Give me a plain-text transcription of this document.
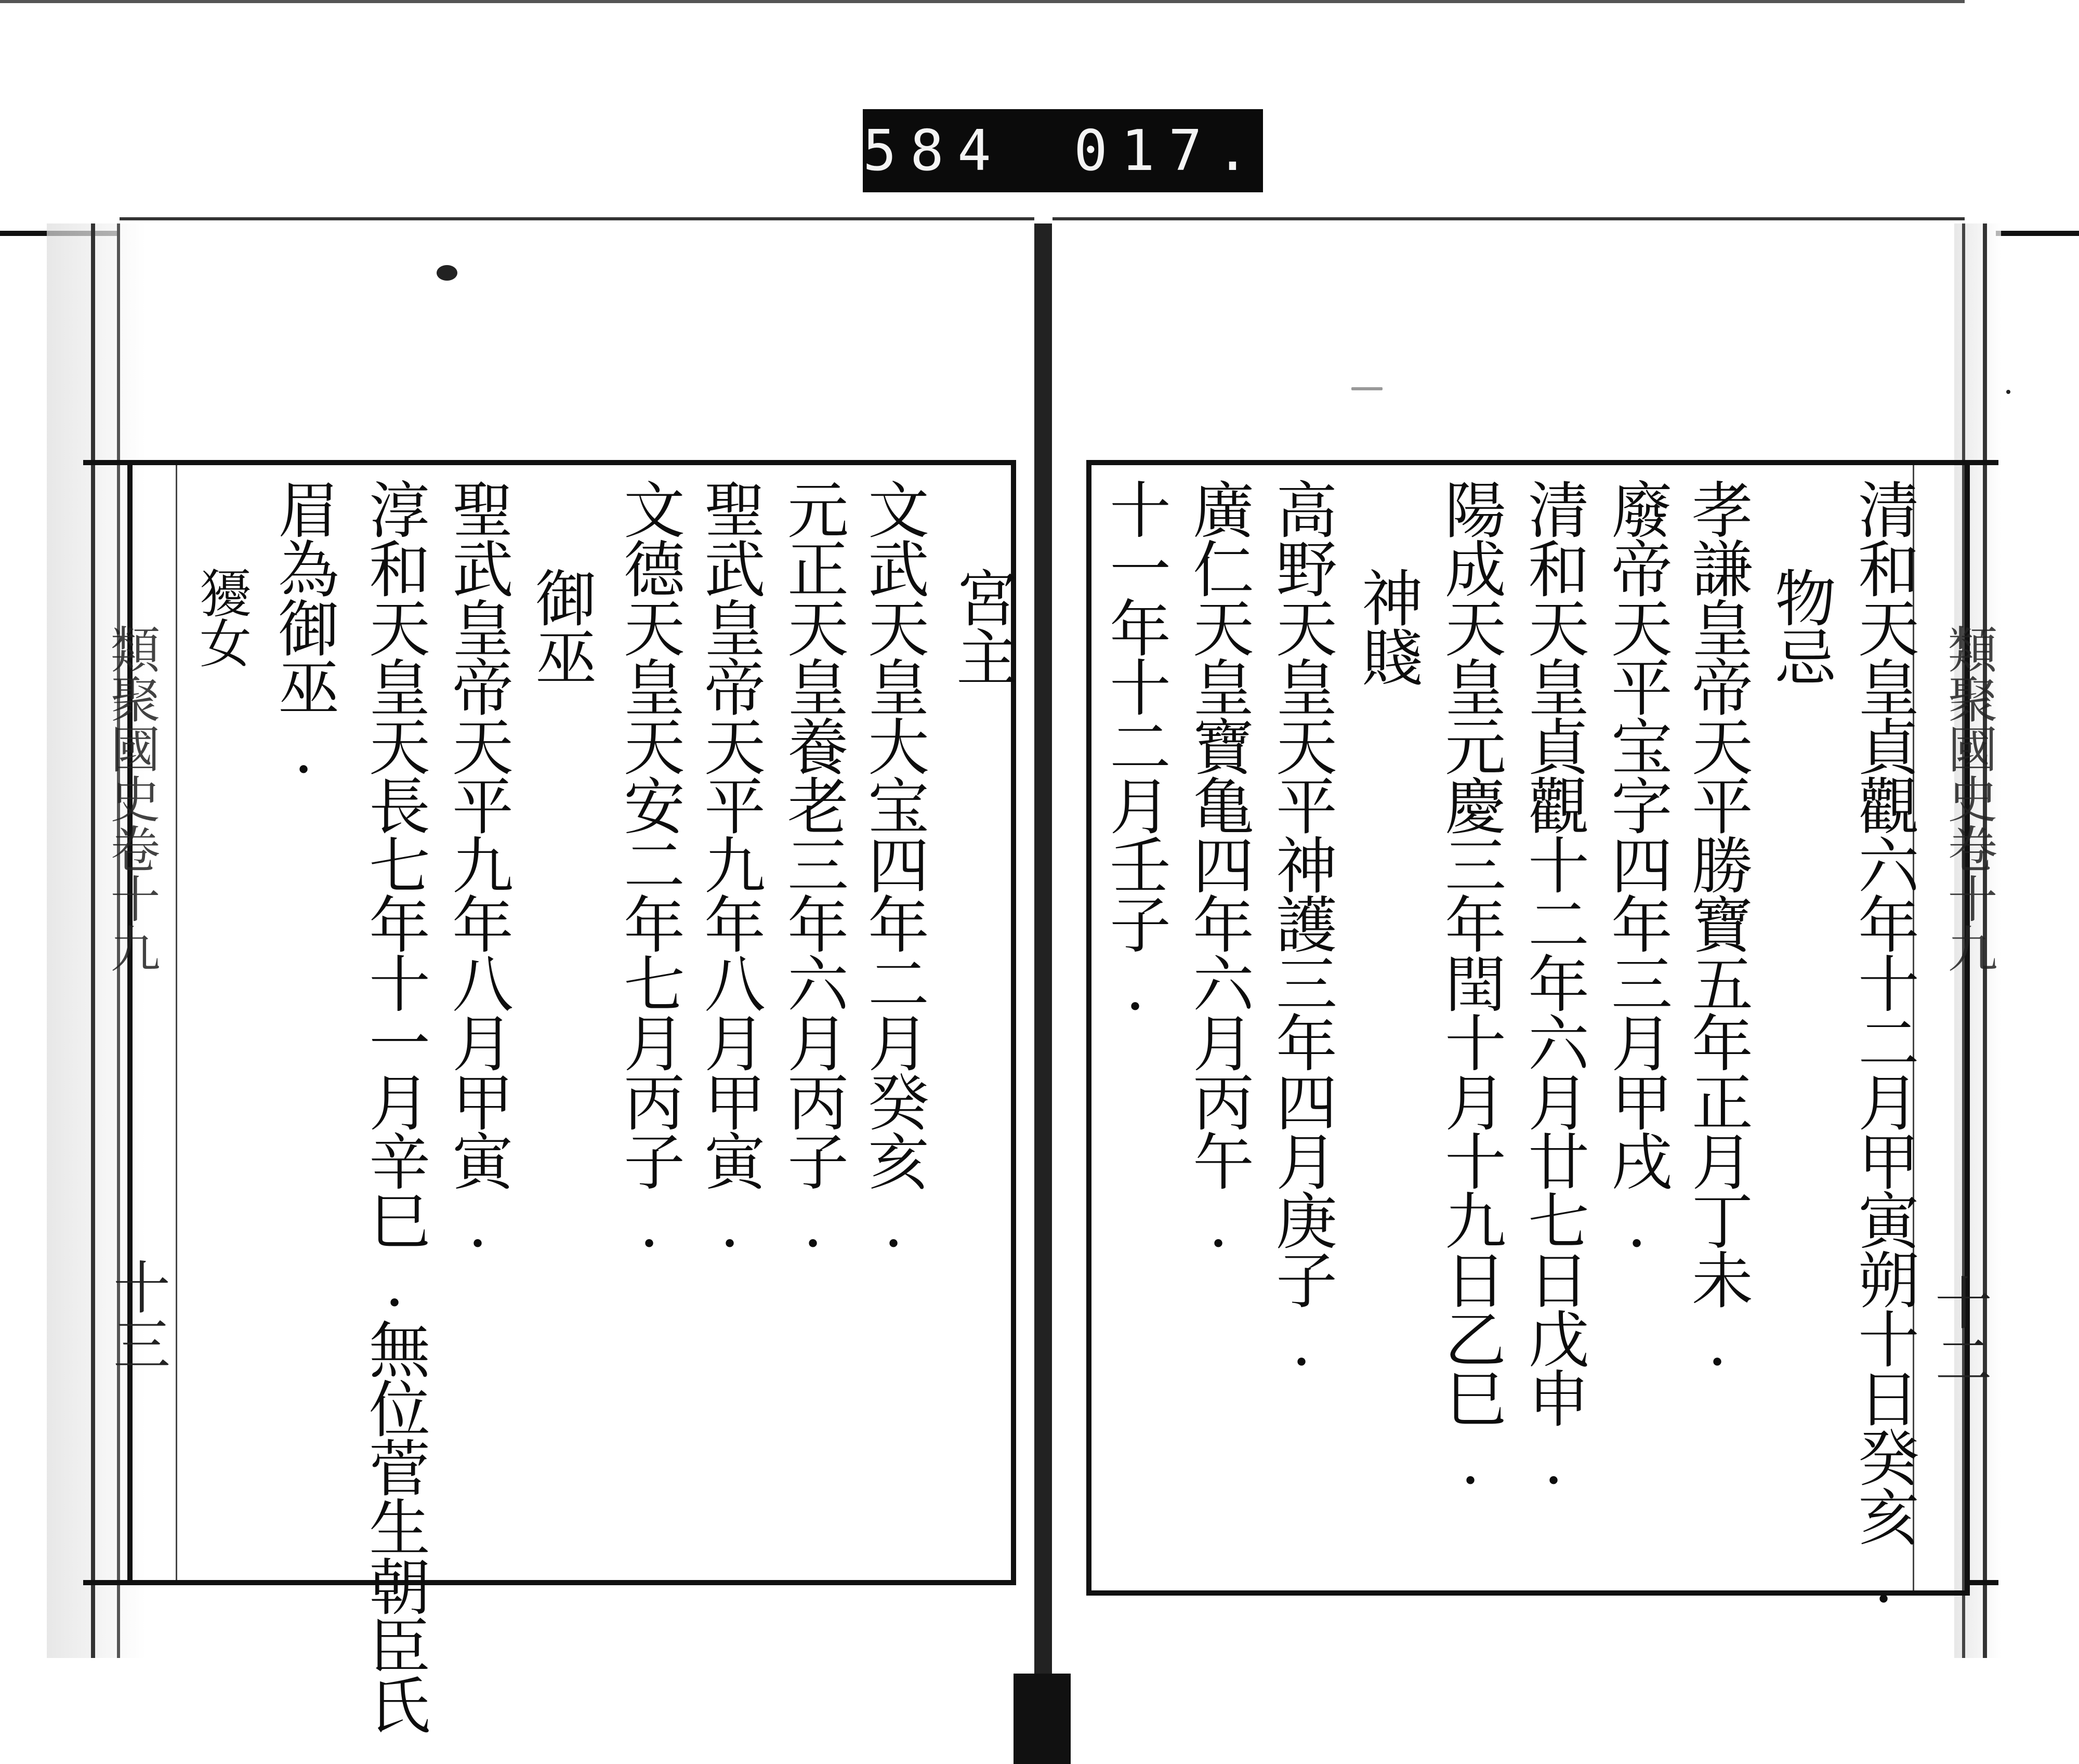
584 017.
類聚國史卷十九
十三
類聚國史卷十九
十二
宮主
文武天皇大宝四年二月癸亥.
元正天皇養老三年六月丙子.
聖武皇帝天平九年八月甲寅.
文德天皇天安二年七月丙子.
御巫
聖武皇帝天平九年八月甲寅.
淳和天皇天長七年十一月辛巳.無位菅生朝臣氏
眉為御巫.
獶女	清和天皇貞觀六年十二月甲寅朔十日癸亥.
物忌
孝謙皇帝天平勝寶五年正月丁未.
廢帝天平宝字四年三月甲戌.
清和天皇貞觀十二年六月廿七日戊申.
陽成天皇元慶三年閏十月十九日乙巳.
神賤
高野天皇天平神護三年四月庚子.
廣仁天皇寶亀四年六月丙午.
十一年十二月壬子.
